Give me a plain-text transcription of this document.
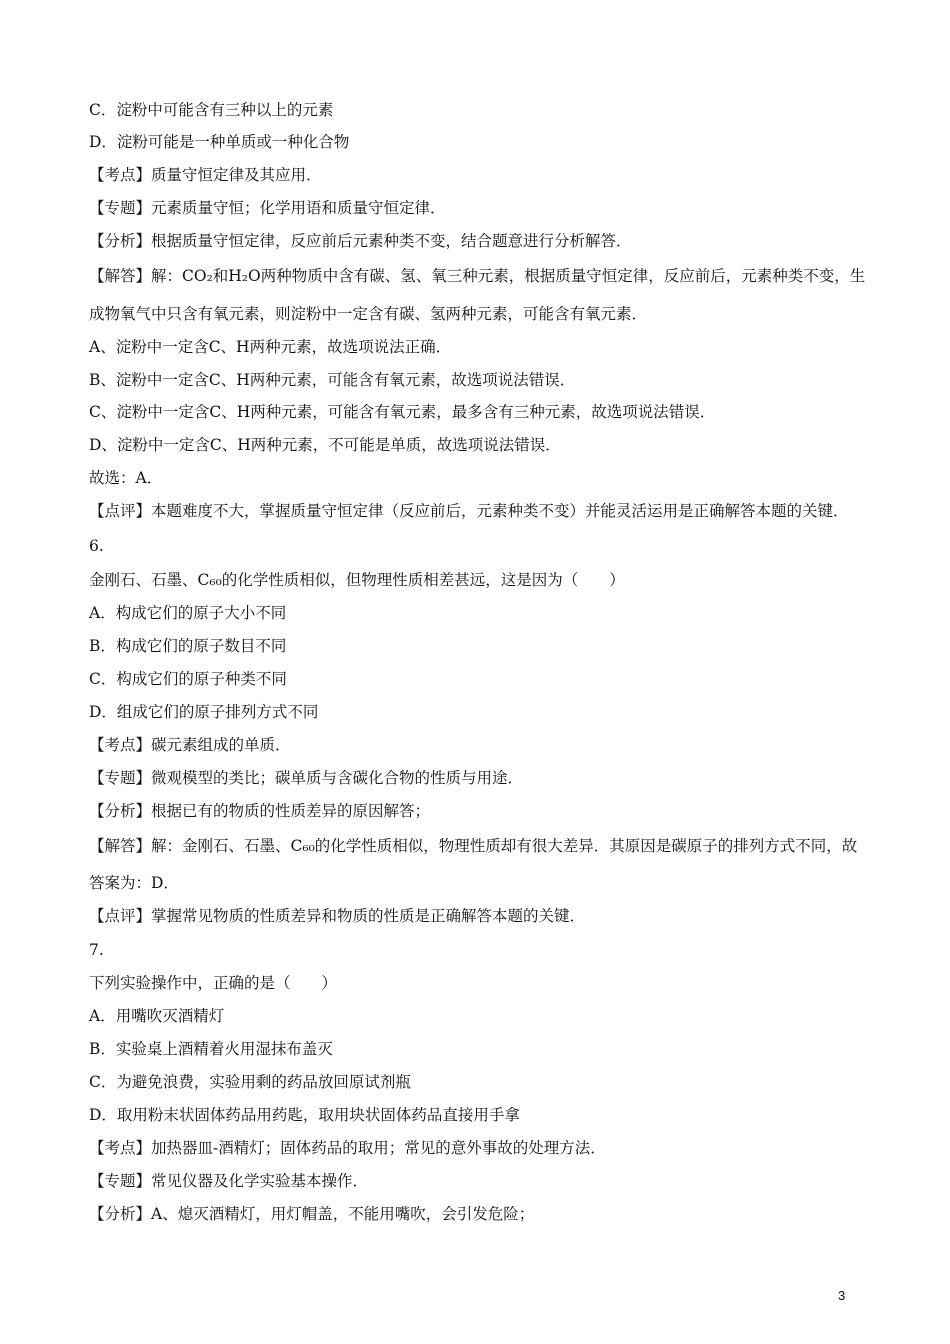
C．淀粉中可能含有三种以上的元素
D．淀粉可能是一种单质或一种化合物
【考点】质量守恒定律及其应用．
【专题】元素质量守恒；化学用语和质量守恒定律．
【分析】根据质量守恒定律，反应前后元素种类不变，结合题意进行分析解答．
【解答】解：CO₂和H₂O两种物质中含有碳、氢、氧三种元素，根据质量守恒定律，反应前后，元素种类不变，生
成物氧气中只含有氧元素，则淀粉中一定含有碳、氢两种元素，可能含有氧元素．
A、淀粉中一定含C、H两种元素，故选项说法正确．
B、淀粉中一定含C、H两种元素，可能含有氧元素，故选项说法错误．
C、淀粉中一定含C、H两种元素，可能含有氧元素，最多含有三种元素，故选项说法错误．
D、淀粉中一定含C、H两种元素，不可能是单质，故选项说法错误．
故选：A．
【点评】本题难度不大，掌握质量守恒定律（反应前后，元素种类不变）并能灵活运用是正确解答本题的关键．
6.
金刚石、石墨、C₆₀的化学性质相似，但物理性质相差甚远，这是因为（　　）
A．构成它们的原子大小不同
B．构成它们的原子数目不同
C．构成它们的原子种类不同
D．组成它们的原子排列方式不同
【考点】碳元素组成的单质．
【专题】微观模型的类比；碳单质与含碳化合物的性质与用途．
【分析】根据已有的物质的性质差异的原因解答；
【解答】解：金刚石、石墨、C₆₀的化学性质相似，物理性质却有很大差异．其原因是碳原子的排列方式不同，故
答案为：D．
【点评】掌握常见物质的性质差异和物质的性质是正确解答本题的关键．
7.
下列实验操作中，正确的是（　　）
A．用嘴吹灭酒精灯
B．实验桌上酒精着火用湿抹布盖灭
C．为避免浪费，实验用剩的药品放回原试剂瓶
D．取用粉末状固体药品用药匙，取用块状固体药品直接用手拿
【考点】加热器皿-酒精灯；固体药品的取用；常见的意外事故的处理方法．
【专题】常见仪器及化学实验基本操作．
【分析】A、熄灭酒精灯，用灯帽盖，不能用嘴吹，会引发危险；
3
